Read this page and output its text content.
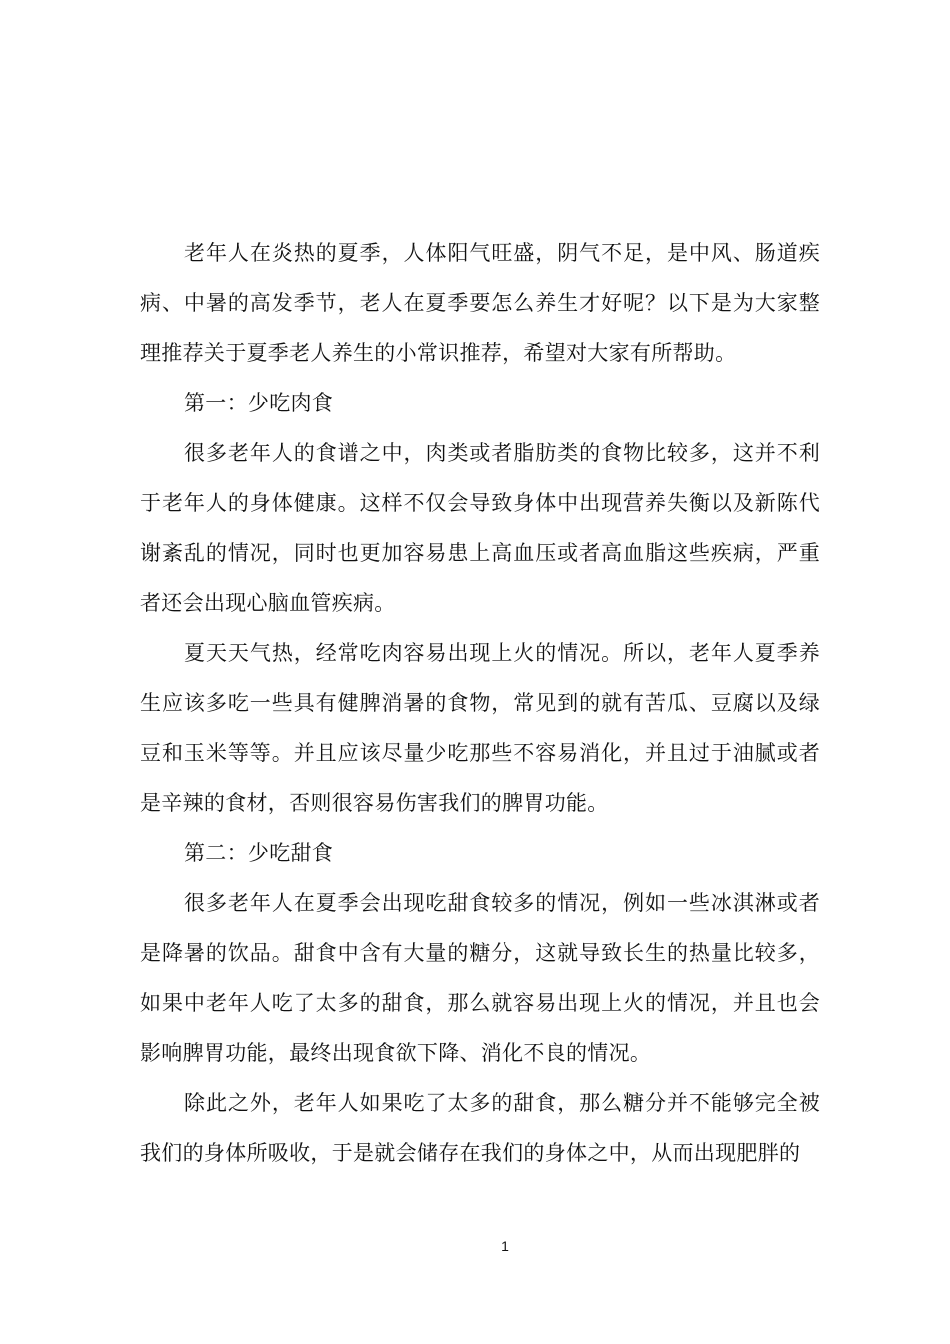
老年人在炎热的夏季，人体阳气旺盛，阴气不足，是中风、肠道疾病、中暑的高发季节，老人在夏季要怎么养生才好呢？以下是为大家整理推荐关于夏季老人养生的小常识推荐，希望对大家有所帮助。

第一：少吃肉食

很多老年人的食谱之中，肉类或者脂肪类的食物比较多，这并不利于老年人的身体健康。这样不仅会导致身体中出现营养失衡以及新陈代谢紊乱的情况，同时也更加容易患上高血压或者高血脂这些疾病，严重者还会出现心脑血管疾病。

夏天天气热，经常吃肉容易出现上火的情况。所以，老年人夏季养生应该多吃一些具有健脾消暑的食物，常见到的就有苦瓜、豆腐以及绿豆和玉米等等。并且应该尽量少吃那些不容易消化，并且过于油腻或者是辛辣的食材，否则很容易伤害我们的脾胃功能。

第二：少吃甜食

很多老年人在夏季会出现吃甜食较多的情况，例如一些冰淇淋或者是降暑的饮品。甜食中含有大量的糖分，这就导致长生的热量比较多，如果中老年人吃了太多的甜食，那么就容易出现上火的情况，并且也会影响脾胃功能，最终出现食欲下降、消化不良的情况。

除此之外，老年人如果吃了太多的甜食，那么糖分并不能够完全被我们的身体所吸收，于是就会储存在我们的身体之中，从而出现肥胖的

1
